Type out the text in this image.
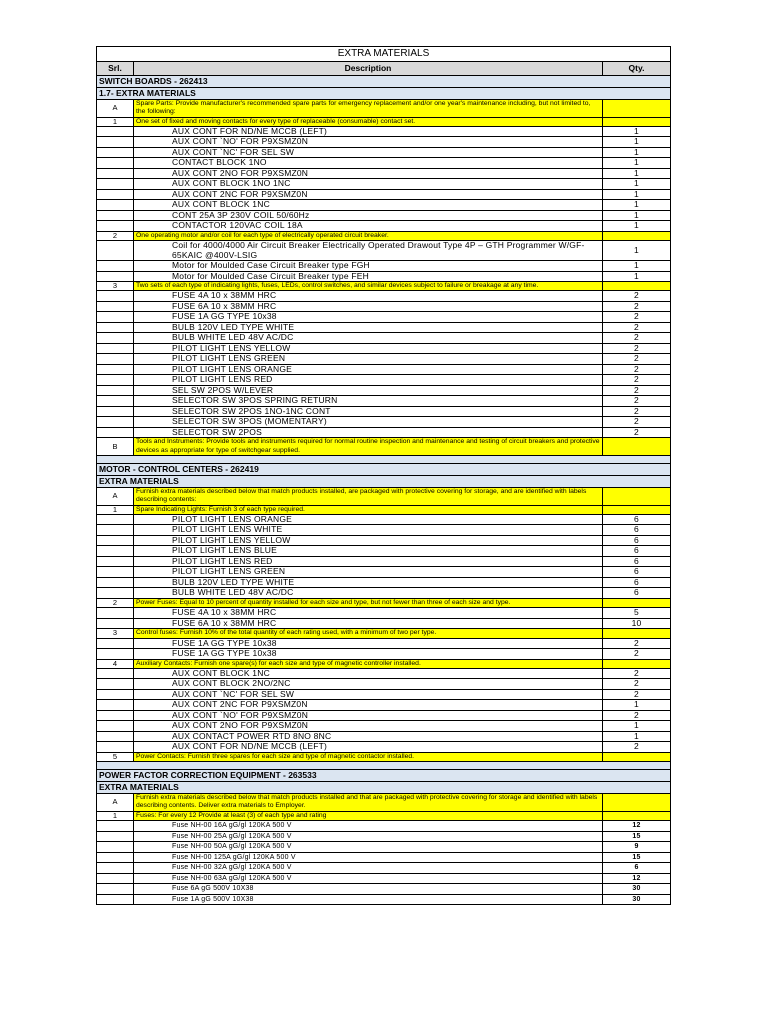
EXTRA MATERIALS		
Srl.	Description	Qty.
SWITCH BOARDS - 262413		
1.7- EXTRA MATERIALS		
A	Spare Parts: Provide manufacturer's recommended spare parts for emergency replacement and/or one year's maintenance including, but not limited to, the following:	
1	One set of fixed and moving contacts for every type of replaceable (consumable) contact set.	
	AUX CONT FOR ND/NE MCCB (LEFT)	1
	AUX CONT `NO' FOR P9XSMZ0N	1
	AUX CONT `NC' FOR SEL SW	1
	CONTACT BLOCK 1NO	1
	AUX CONT 2NO FOR P9XSMZ0N	1
	AUX CONT BLOCK 1NO 1NC	1
	AUX CONT 2NC FOR P9XSMZ0N	1
	AUX CONT BLOCK 1NC	1
	CONT 25A 3P 230V COIL 50/60Hz	1
	CONTACTOR 120VAC COIL 18A	1
2	One operating motor and/or coil for each type of electrically operated circuit breaker.	
	Coil for 4000/4000 Air Circuit Breaker Electrically Operated Drawout Type 4P – GTH Programmer W/GF-65KAIC @400V-LSIG	1
	Motor for Moulded Case Circuit Breaker type FGH	1
	Motor for Moulded Case Circuit Breaker type FEH	1
3	Two sets of each type of indicating lights, fuses, LEDs, control switches, and similar devices subject to failure or breakage at any time.	
	FUSE 4A 10 x 38MM HRC	2
	FUSE 6A 10 x 38MM HRC	2
	FUSE 1A GG TYPE 10x38	2
	BULB 120V LED TYPE WHITE	2
	BULB WHITE LED 48V AC/DC	2
	PILOT LIGHT LENS YELLOW	2
	PILOT LIGHT LENS GREEN	2
	PILOT LIGHT LENS ORANGE	2
	PILOT LIGHT LENS RED	2
	SEL SW 2POS W/LEVER	2
	SELECTOR SW 3POS SPRING RETURN	2
	SELECTOR SW 2POS 1NO-1NC CONT	2
	SELECTOR SW 3POS (MOMENTARY)	2
	SELECTOR SW 2POS	2
B	Tools and Instruments: Provide tools and instruments required for normal routine inspection and maintenance and testing of circuit breakers and protective devices as appropriate for type of switchgear supplied.	

MOTOR - CONTROL CENTERS - 262419		
EXTRA MATERIALS		
A	Furnish extra materials described below that match products installed, are packaged with protective covering for storage, and are identified with labels describing contents:	
1	Spare Indicating Lights: Furnish 3 of each type required.	
	PILOT LIGHT LENS ORANGE	6
	PILOT LIGHT LENS WHITE	6
	PILOT LIGHT LENS YELLOW	6
	PILOT LIGHT LENS BLUE	6
	PILOT LIGHT LENS RED	6
	PILOT LIGHT LENS GREEN	6
	BULB 120V LED TYPE WHITE	6
	BULB WHITE LED 48V AC/DC	6
2	Power Fuses: Equal to 10 percent of quantity installed for each size and type, but not fewer than three of each size and type.	
	FUSE 4A 10 x 38MM HRC	5
	FUSE 6A 10 x 38MM HRC	10
3	Control fuses: Furnish 10% of the total quantity of each rating used, with a minimum of two per type.	
	FUSE 1A GG TYPE 10x38	2
	FUSE 1A GG TYPE 10x38	2
4	Auxiliary Contacts: Furnish one spare(s) for each size and type of magnetic controller installed.	
	AUX CONT BLOCK 1NC	2
	AUX CONT BLOCK 2NO/2NC	2
	AUX CONT `NC' FOR SEL SW	2
	AUX CONT 2NC FOR P9XSMZ0N	1
	AUX CONT `NO' FOR P9XSMZ0N	2
	AUX CONT 2NO FOR P9XSMZ0N	1
	AUX CONTACT POWER RTD 8NO 8NC	1
	AUX CONT FOR ND/NE MCCB (LEFT)	2
5	Power Contacts: Furnish three spares for each size and type of magnetic contactor installed.	

POWER FACTOR CORRECTION EQUIPMENT - 263533		
EXTRA MATERIALS		
A	Furnish extra materials described below that match products installed and that are packaged with protective covering for storage and identified with labels describing contents. Deliver extra materials to Employer.	
1	Fuses: For every 12 Provide at least (3) of each type and rating	
	Fuse NH-00 16A gG/gl 120KA 500 V	12
	Fuse NH-00 25A gG/gl 120KA 500 V	15
	Fuse NH-00 50A gG/gl 120KA 500 V	9
	Fuse NH-00 125A gG/gl 120KA 500 V	15
	Fuse NH-00 32A gG/gl 120KA 500 V	6
	Fuse NH-00 63A gG/gl 120KA 500 V	12
	Fuse 6A gG 500V 10X38	30
	Fuse 1A gG 500V 10X38	30
